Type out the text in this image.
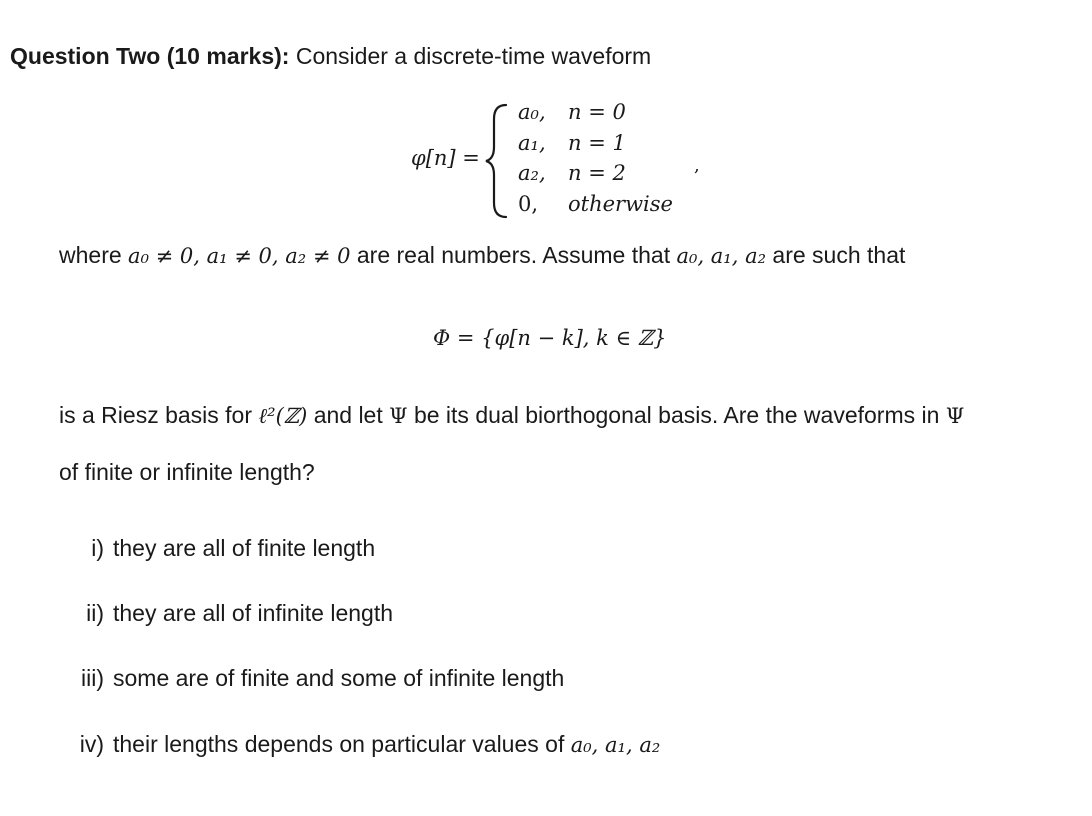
Question Two (10 marks): Consider a discrete-time waveform
φ[n] =
a₀, n = 0
a₁, n = 1
a₂, n = 2
0, otherwise
,
where a₀ ≠ 0, a₁ ≠ 0, a₂ ≠ 0 are real numbers. Assume that a₀, a₁, a₂ are such that
Φ = {φ[n − k], k ∈ ℤ}
is a Riesz basis for ℓ²(ℤ) and let Ψ be its dual biorthogonal basis. Are the waveforms in Ψ
of finite or infinite length?
i) they are all of finite length
ii) they are all of infinite length
iii) some are of finite and some of infinite length
iv) their lengths depends on particular values of a₀, a₁, a₂
